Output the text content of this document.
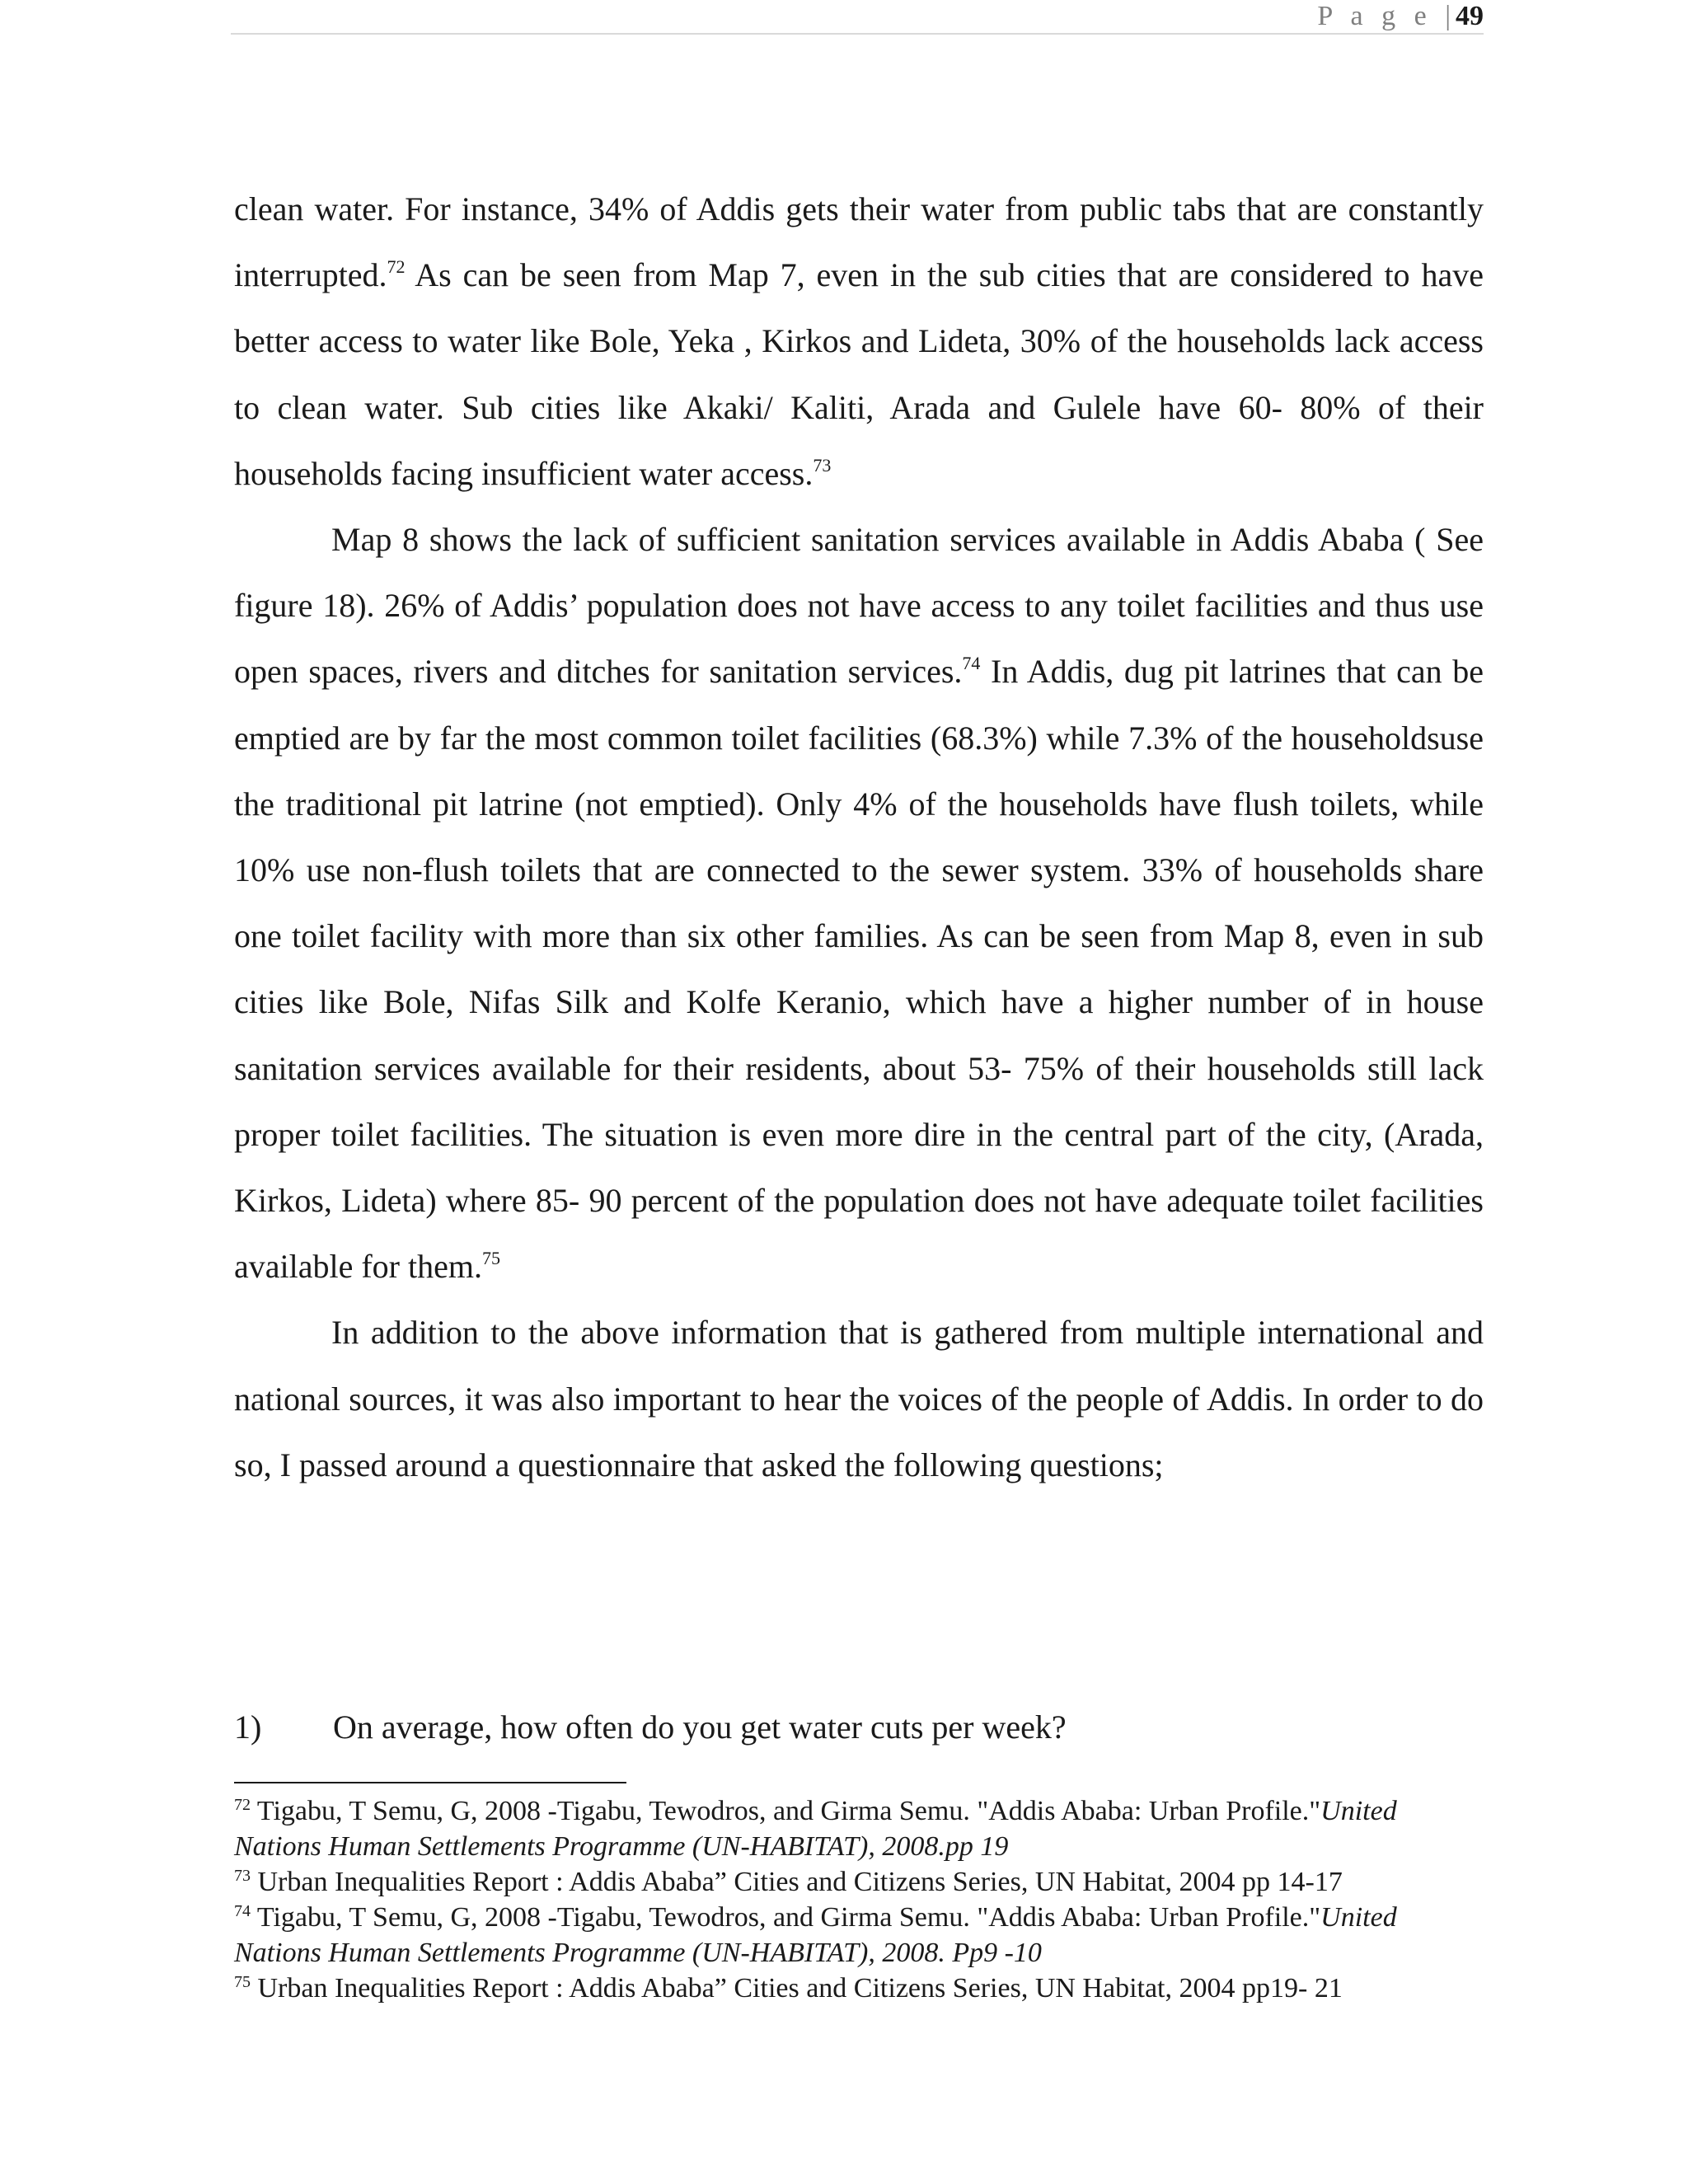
P a g e | 49

clean water. For instance, 34% of Addis gets their water from public tabs that are constantly interrupted.$^{72}$ As can be seen from Map 7, even in the sub cities that are considered to have better access to water like Bole, Yeka , Kirkos and Lideta, 30% of the households lack access to clean water. Sub cities like Akaki/ Kaliti, Arada and Gulele have 60- 80% of their households facing insufficient water access.$^{73}$

Map 8 shows the lack of sufficient sanitation services available in Addis Ababa ( See figure 18). 26% of Addis’ population does not have access to any toilet facilities and thus use open spaces, rivers and ditches for sanitation services.$^{74}$ In Addis, dug pit latrines that can be emptied are by far the most common toilet facilities (68.3%) while 7.3% of the householdsuse the traditional pit latrine (not emptied). Only 4% of the households have flush toilets, while 10% use non-flush toilets that are connected to the sewer system. 33% of households share one toilet facility with more than six other families. As can be seen from Map 8, even in sub cities like Bole, Nifas Silk and Kolfe Keranio, which have a higher number of in house sanitation services available for their residents, about 53- 75% of their households still lack proper toilet facilities. The situation is even more dire in the central part of the city, (Arada, Kirkos, Lideta) where 85- 90 percent of the population does not have adequate toilet facilities available for them.$^{75}$

In addition to the above information that is gathered from multiple international and national sources, it was also important to hear the voices of the people of Addis. In order to do so, I passed around a questionnaire that asked the following questions;

1) On average, how often do you get water cuts per week?

$^{72}$ Tigabu, T Semu, G, 2008 -Tigabu, Tewodros, and Girma Semu. "Addis Ababa: Urban Profile."United Nations Human Settlements Programme (UN-HABITAT), 2008.pp 19

$^{73}$ Urban Inequalities Report : Addis Ababa” Cities and Citizens Series, UN Habitat, 2004 pp 14-17

$^{74}$ Tigabu, T Semu, G, 2008 -Tigabu, Tewodros, and Girma Semu. "Addis Ababa: Urban Profile."United Nations Human Settlements Programme (UN-HABITAT), 2008. Pp9 -10

$^{75}$ Urban Inequalities Report : Addis Ababa” Cities and Citizens Series, UN Habitat, 2004 pp19- 21
